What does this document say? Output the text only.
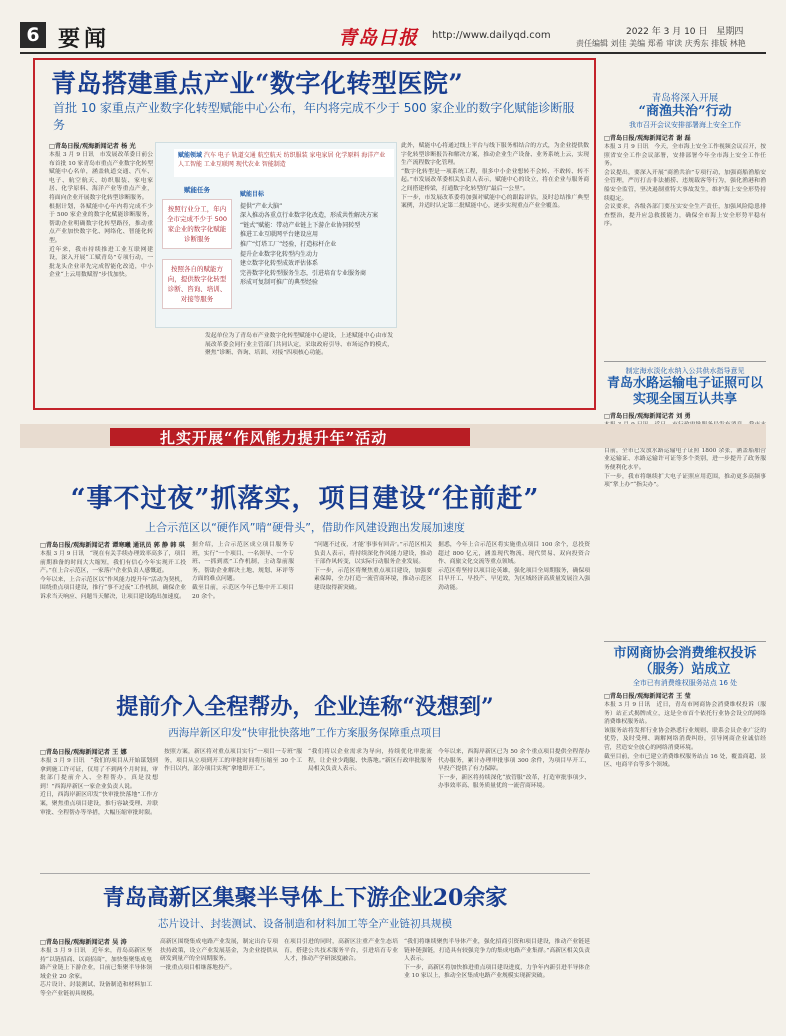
6 要闻	青岛日报 http://www.dailyqd.com	2022 年 3 月 10 日　星期四
责任编辑 刘佳 美编 郑希 审读 庆秀东 排版 林艳
青岛搭建重点产业“数字化转型医院”
首批 10 家重点产业数字化转型赋能中心公布，年内将完成不少于 500 家企业的数字化赋能诊断服务
□青岛日报/观海新闻记者 杨 光
本报 3 月 9 日讯　市发展改革委日前公布首批 10 家青岛市重点产业数字化转型赋能中心名单，涵盖轨道交通、汽车、电子、航空航天、纺织服装、家电家居、化学原料、海洋产业等重点产业，将面向企业开展数字化转型诊断服务。
根据计划，各赋能中心年内将完成不少于 500 家企业的数字化赋能诊断服务，帮助企业明确数字化转型路径，推动重点产业加快数字化、网络化、智能化转型。
近年来，我市持续推进工业互联网建设，深入开展“工赋青岛”专项行动，一批龙头企业率先完成智能化改造，中小企业“上云用数赋智”步伐加快。
赋能领域 汽车 电子 轨道交通 航空航天 纺织服装 家电家居 化学原料 海洋产业 人工智能 工业互联网 现代农业 智能制造
赋能任务
按照行业分工，年内全市完成不少于 500 家企业的数字化赋能诊断服务
按照各自的赋能方向，提供数字化转型诊断、咨询、培训、对接等服务
赋能目标
提供“产业大脑”
深入推动各重点行业数字化改造，形成共性解决方案
“链式”赋能：带动产业链上下游企业协同转型
推进工业互联网平台建设应用
推广“灯塔工厂”经验，打造标杆企业
提升企业数字化转型内生动力
建立数字化转型成效评估体系
完善数字化转型服务生态，引进培育专业服务商
形成可复制可推广的典型经验
发起单位为了青岛市产业数字化转型赋能中心建设，上述赋能中心由市发展改革委会同行业主管部门共同认定，采取政府引导、市场运作的模式，聚焦“诊断、咨询、培训、对接”四项核心功能。
此外，赋能中心将通过线上平台与线下服务相结合的方式，为企业提供数字化转型诊断报告和解决方案，推动企业生产设备、业务系统上云，实现生产流程数字化管理。
“数字化转型是一项系统工程，很多中小企业想转不会转、不敢转、转不起。”市发展改革委相关负责人表示，赋能中心的设立，将在企业与服务商之间搭建桥梁，打通数字化转型的“最后一公里”。
下一步，市发展改革委将加强对赋能中心的跟踪评估，及时总结推广典型案例，并适时认定第二批赋能中心，逐步实现重点产业全覆盖。
青岛将深入开展
“商渔共治”行动
我市召开会议安排部署海上安全工作
□青岛日报/观海新闻记者 谢 磊
本报 3 月 9 日讯　今天，全市海上安全工作视频会议召开，按照省安全工作会议部署，安排部署今年全市海上安全工作任务。
会议提出，要深入开展“商渔共治”专项行动，加强商船渔船安全管理，严厉打击非法捕捞、违规载客等行为，强化渔港和渔船安全监管，坚决遏制重特大事故发生，维护海上安全形势持续稳定。
会议要求，各级各部门要压实安全生产责任，加强风险隐患排查整治，提升应急救援能力，确保全市海上安全形势平稳有序。
制定海水淡化水纳入公共供水指导意见
青岛水路运输电子证照可以实现全国互认共享
□青岛日报/观海新闻记者 刘 勇
目前，全市已发放水路运输电子证照 1800 余张，涵盖船舶营业运输证、水路运输许可证等多个类别，进一步提升了政务服务便利化水平。
下一步，我市将继续扩大电子证照应用范围，推动更多高频事项“掌上办”“指尖办”。
市网商协会消费维权投诉（服务）站成立
全市已有消费维权服务站点 16 处
□青岛日报/观海新闻记者 王 莹
本报 3 月 9 日讯　近日，青岛市网商协会消费维权投诉（服务）站正式揭牌成立，这是全市首个依托行业协会设立的网络消费维权服务站。
该服务站将发挥行业协会熟悉行业规则、联系会员企业广泛的优势，及时受理、调解网络消费纠纷，引导网商企业诚信经营，营造安全放心的网络消费环境。
截至目前，全市已建立消费维权服务站点 16 处，覆盖商超、景区、电商平台等多个领域。
扎实开展“作风能力提升年”活动
“事不过夜”抓落实，项目建设“往前赶”
上合示范区以“硬作风”啃“硬骨头”，借助作风建设跑出发展加速度
□青岛日报/观海新闻记者 谭寒曦 通讯员 郭 静 韩 琪
本报 3 月 9 日讯　“现在有关手续办理效率高多了，项目前期准备的时间大大缩短，我们有信心今年实现开工投产。”在上合示范区，一家落户企业负责人感慨道。
今年以来，上合示范区以“作风能力提升年”活动为契机，围绕重点项目建设，推行“事不过夜”工作机制，确保企业诉求当天响应、问题当天解决，让项目建设跑出加速度。
据介绍，上合示范区成立项目服务专班，实行“一个项目、一名领导、一个专班、一抓到底”工作机制，主动靠前服务，帮助企业解决土地、规划、环评等方面的难点问题。
截至目前，示范区今年已集中开工项目 20 余个。
“问题不过夜，才能‘事事有回音’。”示范区相关负责人表示，将持续深化作风能力建设，推动干部作风转变，以实际行动服务企业发展。
下一步，示范区将聚焦重点项目建设，加强要素保障，全力打造一流营商环境，推动示范区建设取得新突破。
据悉，今年上合示范区将实施重点项目 100 余个，总投资超过 800 亿元，涵盖现代物流、现代贸易、双向投资合作、商旅文化交流等重点领域。
示范区将坚持以项目论英雄，强化项目全周期服务，确保项目早开工、早投产、早见效，为区域经济高质量发展注入强劲动能。
提前介入全程帮办，企业连称“没想到”
西海岸新区印发“快审批快落地”工作方案服务保障重点项目
□青岛日报/观海新闻记者 王 娜
本报 3 月 9 日讯　“我们的项目从开始谋划到拿到施工许可证，仅用了不到两个月时间，审批部门提前介入、全程帮办，真是没想到！”西海岸新区一家企业负责人说。
近日，西海岸新区印发“快审批快落地”工作方案，聚焦重点项目建设，推行容缺受理、并联审批、全程帮办等举措，大幅压缩审批时限。
按照方案，新区将对重点项目实行“一项目一专班”服务，项目从立项到开工的审批时间将压缩至 30 个工作日以内，部分项目实现“拿地即开工”。
“我们将以企业需求为导向，持续优化审批流程，让企业少跑腿、快落地。”新区行政审批服务局相关负责人表示。
今年以来，西海岸新区已为 50 余个重点项目提供全程帮办代办服务，累计办理审批事项 300 余件，为项目早开工、早投产提供了有力保障。
下一步，新区将持续深化“放管服”改革，打造审批事项少、办事效率高、服务质量优的一流营商环境。
青岛高新区集聚半导体上下游企业20余家
芯片设计、封装测试、设备制造和材料加工等全产业链初具规模
□青岛日报/观海新闻记者 吴 涛
本报 3 月 9 日讯　近年来，青岛高新区坚持“以链招商、以商招商”，加快集聚集成电路产业链上下游企业，目前已集聚半导体领域企业 20 余家。
芯片设计、封装测试、设备制造和材料加工等全产业链初具规模。
高新区围绕集成电路产业发展，制定出台专项扶持政策，设立产业发展基金，为企业提供从研发到量产的全周期服务。
一批重点项目相继落地投产。
在项目引进的同时，高新区注重产业生态培育，搭建公共技术服务平台，引进培育专业人才，推动产学研深度融合。
“我们将继续聚焦半导体产业，强化招商引资和项目建设，推动产业链延链补链强链，打造具有较强竞争力的集成电路产业集群。”高新区相关负责人表示。
下一步，高新区将加快推进重点项目建设进度，力争年内新引进半导体企业 10 家以上，推动全区集成电路产业规模实现新突破。
